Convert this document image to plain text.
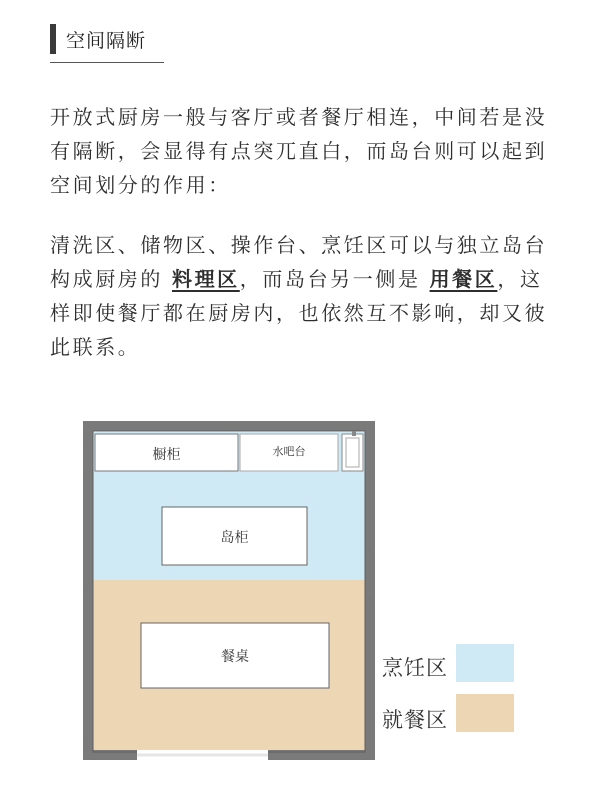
空间隔断
开放式厨房一般与客厅或者餐厅相连，中间若是没有隔断，会显得有点突兀直白，而岛台则可以起到空间划分的作用：
清洗区、储物区、操作台、烹饪区可以与独立岛台构成厨房的 料理区，而岛台另一侧是 用餐区，这样即使餐厅都在厨房内，也依然互不影响，却又彼此联系。
橱柜	水吧台
岛柜
餐桌	烹饪区
就餐区
